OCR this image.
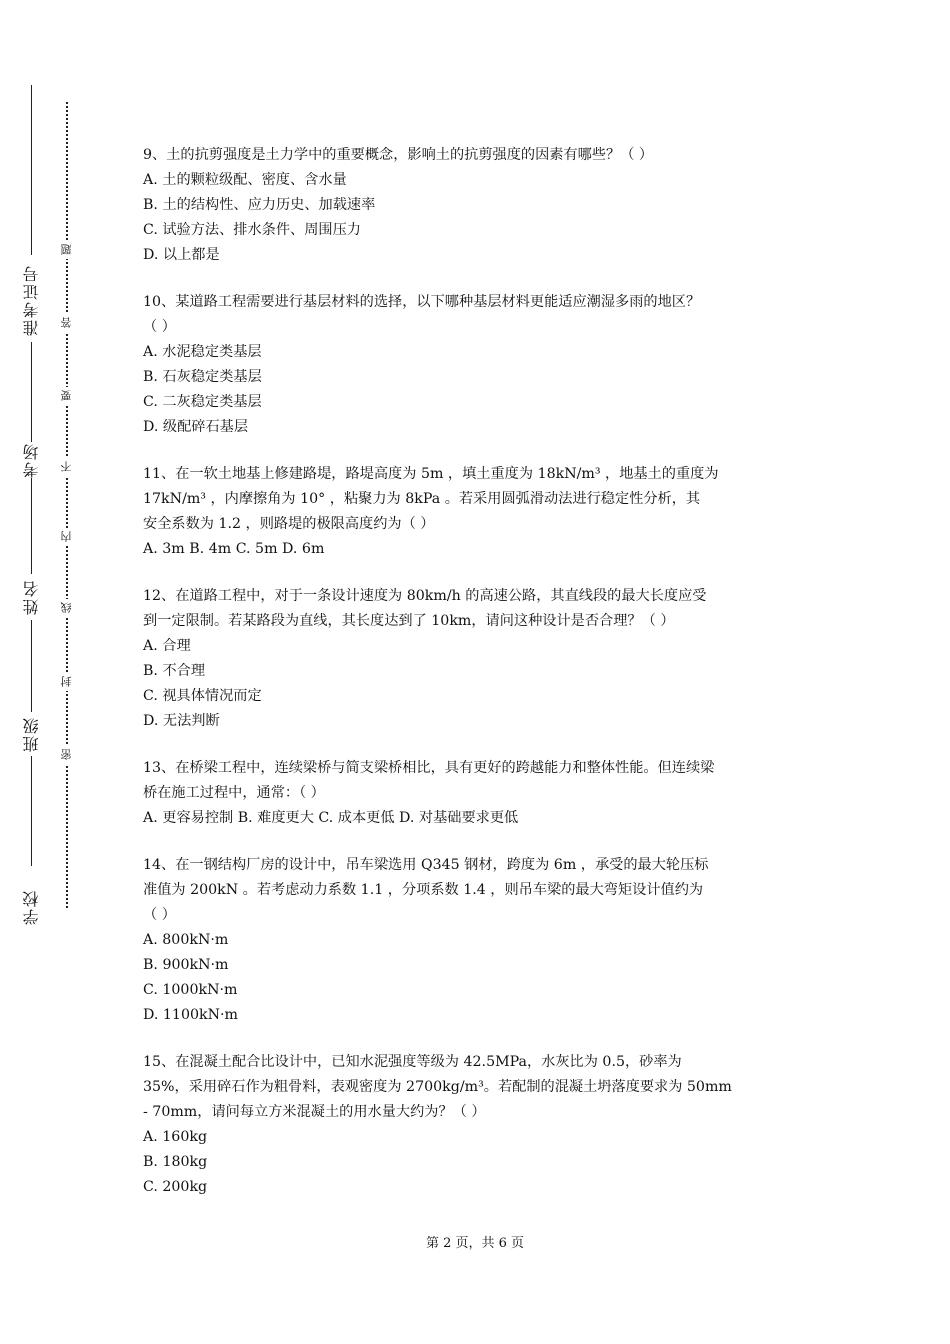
准考证号
考场
姓名
班级
学校
题
答
要
不
内
线
封
密
9、土的抗剪强度是土力学中的重要概念，影响土的抗剪强度的因素有哪些？（ ）
A. 土的颗粒级配、密度、含水量
B. 土的结构性、应力历史、加载速率
C. 试验方法、排水条件、周围压力
D. 以上都是
10、某道路工程需要进行基层材料的选择，以下哪种基层材料更能适应潮湿多雨的地区？
（ ）
A. 水泥稳定类基层
B. 石灰稳定类基层
C. 二灰稳定类基层
D. 级配碎石基层
11、在一软土地基上修建路堤，路堤高度为 5m ，填土重度为 18kN/m³ ，地基土的重度为
17kN/m³ ，内摩擦角为 10° ，粘聚力为 8kPa 。若采用圆弧滑动法进行稳定性分析，其
安全系数为 1.2 ，则路堤的极限高度约为（ ）
A. 3m B. 4m C. 5m D. 6m
12、在道路工程中，对于一条设计速度为 80km/h 的高速公路，其直线段的最大长度应受
到一定限制。若某路段为直线，其长度达到了 10km，请问这种设计是否合理？（ ）
A. 合理
B. 不合理
C. 视具体情况而定
D. 无法判断
13、在桥梁工程中，连续梁桥与简支梁桥相比，具有更好的跨越能力和整体性能。但连续梁
桥在施工过程中，通常：（ ）
A. 更容易控制 B. 难度更大 C. 成本更低 D. 对基础要求更低
14、在一钢结构厂房的设计中，吊车梁选用 Q345 钢材，跨度为 6m ，承受的最大轮压标
准值为 200kN 。若考虑动力系数 1.1 ，分项系数 1.4 ，则吊车梁的最大弯矩设计值约为
（ ）
A. 800kN·m
B. 900kN·m
C. 1000kN·m
D. 1100kN·m
15、在混凝土配合比设计中，已知水泥强度等级为 42.5MPa，水灰比为 0.5，砂率为
35%，采用碎石作为粗骨料，表观密度为 2700kg/m³。若配制的混凝土坍落度要求为 50mm
- 70mm，请问每立方米混凝土的用水量大约为？（ ）
A. 160kg
B. 180kg
C. 200kg
第 2 页，共 6 页
